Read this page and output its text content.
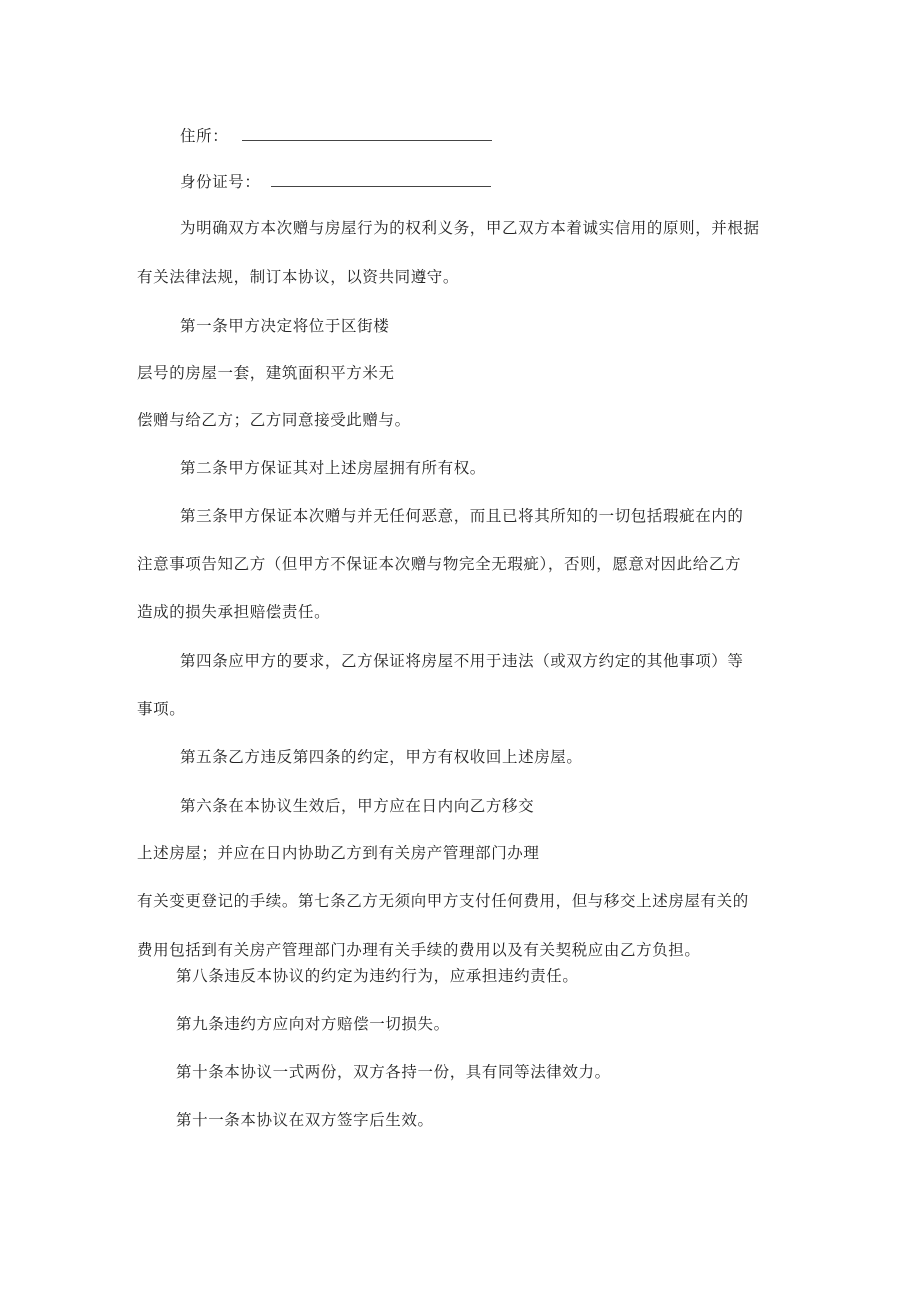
住所：
身份证号：
为明确双方本次赠与房屋行为的权利义务，甲乙双方本着诚实信用的原则，并根据
有关法律法规，制订本协议，以资共同遵守。
第一条甲方决定将位于区街楼
层号的房屋一套，建筑面积平方米无
偿赠与给乙方；乙方同意接受此赠与。
第二条甲方保证其对上述房屋拥有所有权。
第三条甲方保证本次赠与并无任何恶意，而且已将其所知的一切包括瑕疵在内的
注意事项告知乙方（但甲方不保证本次赠与物完全无瑕疵），否则，愿意对因此给乙方
造成的损失承担赔偿责任。
第四条应甲方的要求，乙方保证将房屋不用于违法（或双方约定的其他事项）等
事项。
第五条乙方违反第四条的约定，甲方有权收回上述房屋。
第六条在本协议生效后，甲方应在日内向乙方移交
上述房屋；并应在日内协助乙方到有关房产管理部门办理
有关变更登记的手续。第七条乙方无须向甲方支付任何费用，但与移交上述房屋有关的
费用包括到有关房产管理部门办理有关手续的费用以及有关契税应由乙方负担。
第八条违反本协议的约定为违约行为，应承担违约责任。
第九条违约方应向对方赔偿一切损失。
第十条本协议一式两份，双方各持一份，具有同等法律效力。
第十一条本协议在双方签字后生效。
